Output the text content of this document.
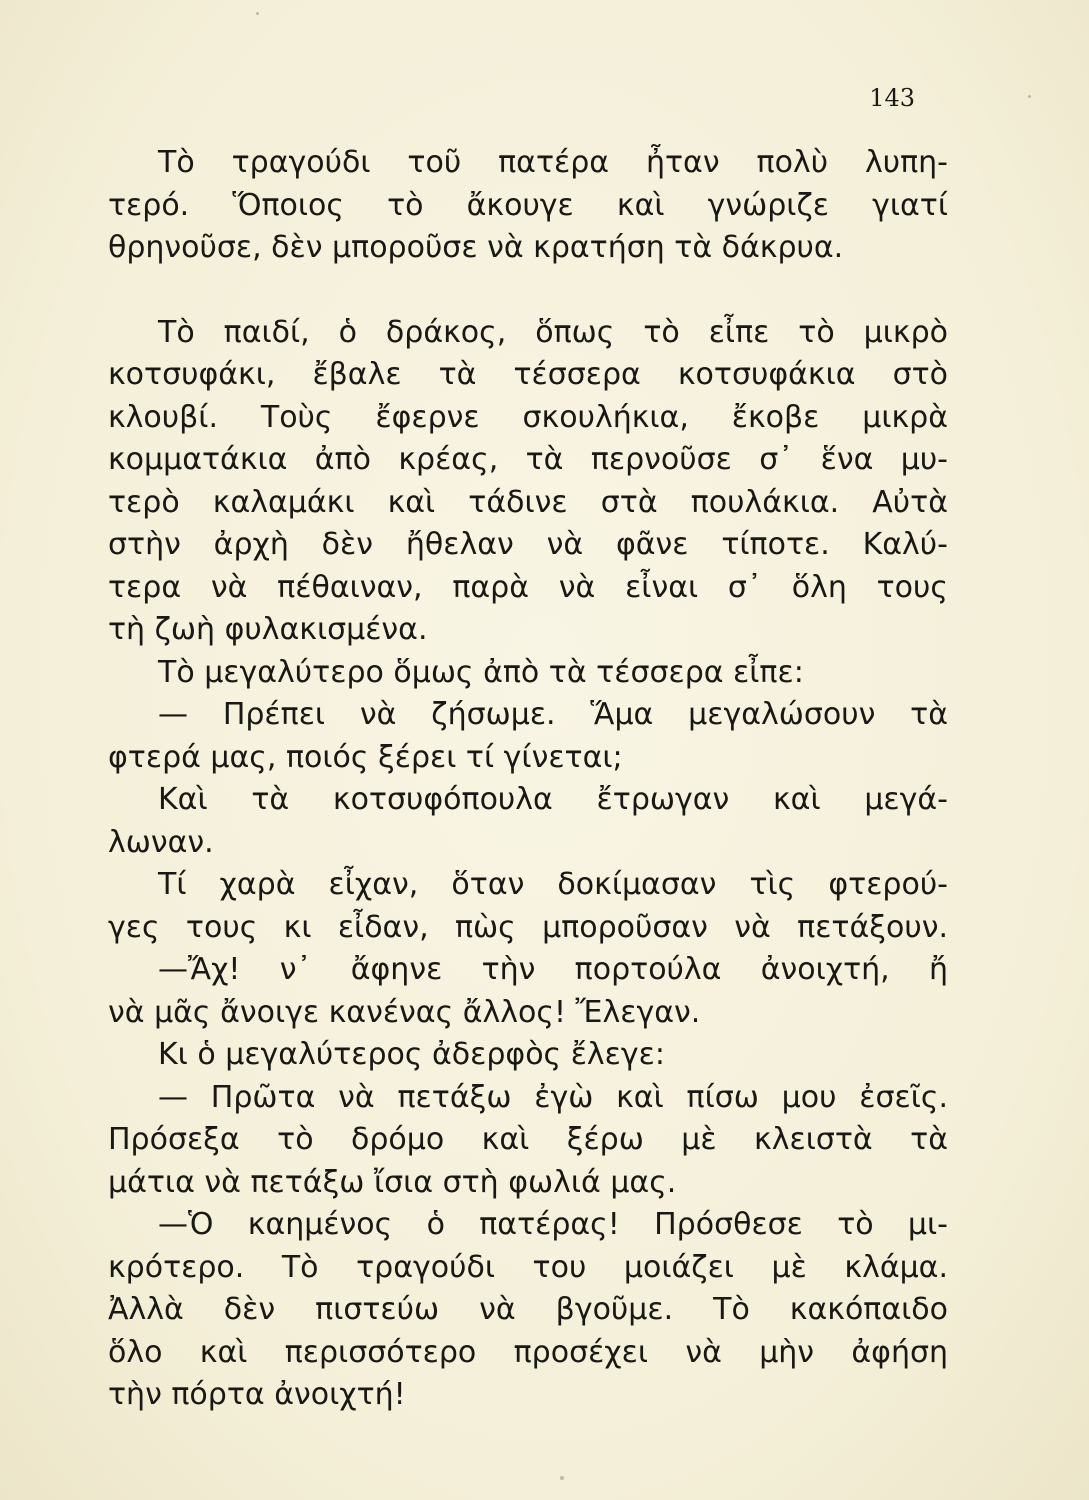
143
Τὸ τραγούδι τοῦ πατέρα ἦταν πολὺ λυπη-
τερό. Ὅποιος τὸ ἄκουγε καὶ γνώριζε γιατί
θρηνοῦσε, δὲν μποροῦσε νὰ κρατήση τὰ δάκρυα.
Τὸ παιδί, ὁ δράκος, ὅπως τὸ εἶπε τὸ μικρὸ
κοτσυφάκι, ἔβαλε τὰ τέσσερα κοτσυφάκια στὸ
κλουβί. Τοὺς ἔφερνε σκουλήκια, ἔκοβε μικρὰ
κομματάκια ἀπὸ κρέας, τὰ περνοῦσε σ᾽ ἕνα μυ-
τερὸ καλαμάκι καὶ τάδινε στὰ πουλάκια. Αὐτὰ
στὴν ἀρχὴ δὲν ἤθελαν νὰ φᾶνε τίποτε. Καλύ-
τερα νὰ πέθαιναν, παρὰ νὰ εἶναι σ᾽ ὅλη τους
τὴ ζωὴ φυλακισμένα.
Τὸ μεγαλύτερο ὅμως ἀπὸ τὰ τέσσερα εἶπε:
— Πρέπει νὰ ζήσωμε. Ἅμα μεγαλώσουν τὰ
φτερά μας, ποιός ξέρει τί γίνεται;
Καὶ τὰ κοτσυφόπουλα ἔτρωγαν καὶ μεγά-
λωναν.
Τί χαρὰ εἶχαν, ὅταν δοκίμασαν τὶς φτερού-
γες τους κι εἶδαν, πὼς μποροῦσαν νὰ πετάξουν.
—Ἄχ! ν᾽ ἄφηνε τὴν πορτούλα ἀνοιχτή, ἤ
νὰ μᾶς ἄνοιγε κανένας ἄλλος! Ἔλεγαν.
Κι ὁ μεγαλύτερος ἀδερφὸς ἔλεγε:
— Πρῶτα νὰ πετάξω ἐγὼ καὶ πίσω μου ἐσεῖς.
Πρόσεξα τὸ δρόμο καὶ ξέρω μὲ κλειστὰ τὰ
μάτια νὰ πετάξω ἴσια στὴ φωλιά μας.
—Ὁ καημένος ὁ πατέρας! Πρόσθεσε τὸ μι-
κρότερο. Τὸ τραγούδι του μοιάζει μὲ κλάμα.
Ἀλλὰ δὲν πιστεύω νὰ βγοῦμε. Τὸ κακόπαιδο
ὅλο καὶ περισσότερο προσέχει νὰ μὴν ἀφήση
τὴν πόρτα ἀνοιχτή!
